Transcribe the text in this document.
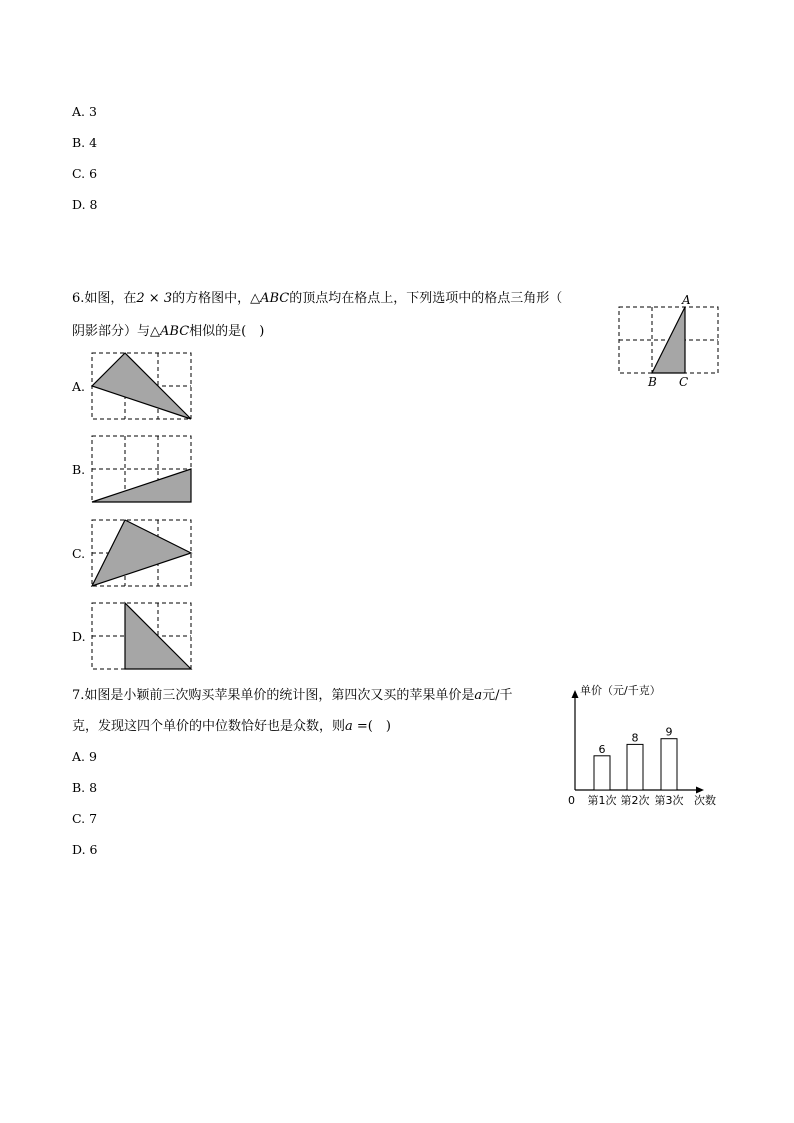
A. 3
B. 4
C. 6
D. 8
6.如图，在2 × 3的方格图中，△ABC的顶点均在格点上，下列选项中的格点三角形（
阴影部分）与△ABC相似的是(　)
A
B C
A.
B.
C.
D.
7.如图是小颖前三次购买苹果单价的统计图，第四次又买的苹果单价是a元/千
克，发现这四个单价的中位数恰好也是众数，则a =(　)
A. 9
B. 8
C. 7
D. 6
单价（元/千克）
次数
0
6
第1次
8
第2次
9
第3次
